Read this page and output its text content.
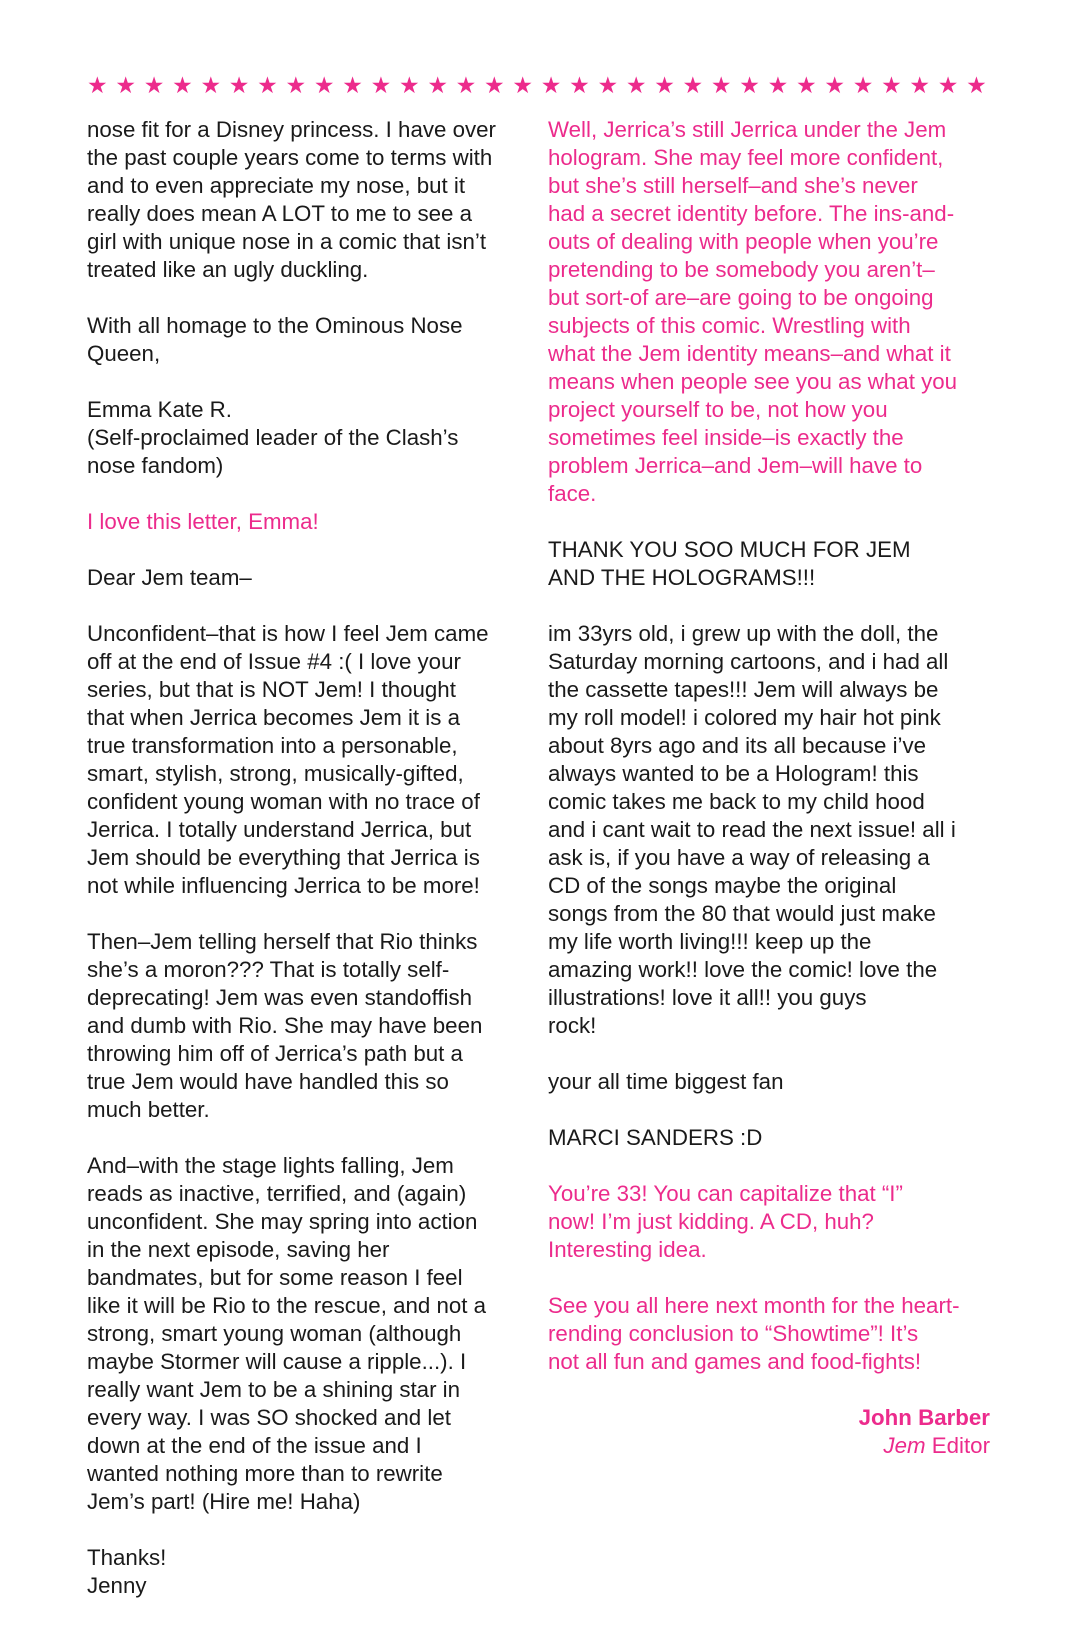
★ ★ ★ ★ ★ ★ ★ ★ ★ ★ ★ ★ ★ ★ ★ ★ ★ ★ ★ ★ ★ ★ ★ ★ ★ ★ ★ ★ ★ ★ ★ ★

nose fit for a Disney princess. I have over
the past couple years come to terms with
and to even appreciate my nose, but it
really does mean A LOT to me to see a
girl with unique nose in a comic that isn’t
treated like an ugly duckling.

With all homage to the Ominous Nose
Queen,

Emma Kate R.
(Self-proclaimed leader of the Clash’s
nose fandom)

I love this letter, Emma!

Dear Jem team–

Unconfident–that is how I feel Jem came
off at the end of Issue #4 :( I love your
series, but that is NOT Jem! I thought
that when Jerrica becomes Jem it is a
true transformation into a personable,
smart, stylish, strong, musically-gifted,
confident young woman with no trace of
Jerrica. I totally understand Jerrica, but
Jem should be everything that Jerrica is
not while influencing Jerrica to be more!

Then–Jem telling herself that Rio thinks
she’s a moron??? That is totally self-
deprecating! Jem was even standoffish
and dumb with Rio. She may have been
throwing him off of Jerrica’s path but a
true Jem would have handled this so
much better.

And–with the stage lights falling, Jem
reads as inactive, terrified, and (again)
unconfident. She may spring into action
in the next episode, saving her
bandmates, but for some reason I feel
like it will be Rio to the rescue, and not a
strong, smart young woman (although
maybe Stormer will cause a ripple...). I
really want Jem to be a shining star in
every way. I was SO shocked and let
down at the end of the issue and I
wanted nothing more than to rewrite
Jem’s part! (Hire me! Haha)

Thanks!
Jenny

Well, Jerrica’s still Jerrica under the Jem
hologram. She may feel more confident,
but she’s still herself–and she’s never
had a secret identity before. The ins-and-
outs of dealing with people when you’re
pretending to be somebody you aren’t–
but sort-of are–are going to be ongoing
subjects of this comic. Wrestling with
what the Jem identity means–and what it
means when people see you as what you
project yourself to be, not how you
sometimes feel inside–is exactly the
problem Jerrica–and Jem–will have to
face.

THANK YOU SOO MUCH FOR JEM
AND THE HOLOGRAMS!!!

im 33yrs old, i grew up with the doll, the
Saturday morning cartoons, and i had all
the cassette tapes!!! Jem will always be
my roll model! i colored my hair hot pink
about 8yrs ago and its all because i’ve
always wanted to be a Hologram! this
comic takes me back to my child hood
and i cant wait to read the next issue! all i
ask is, if you have a way of releasing a
CD of the songs maybe the original
songs from the 80 that would just make
my life worth living!!! keep up the
amazing work!! love the comic! love the
illustrations! love it all!! you guys
rock!

your all time biggest fan

MARCI SANDERS :D

You’re 33! You can capitalize that “I”
now! I’m just kidding. A CD, huh?
Interesting idea.

See you all here next month for the heart-
rending conclusion to “Showtime”! It’s
not all fun and games and food-fights!

John Barber
Jem Editor
